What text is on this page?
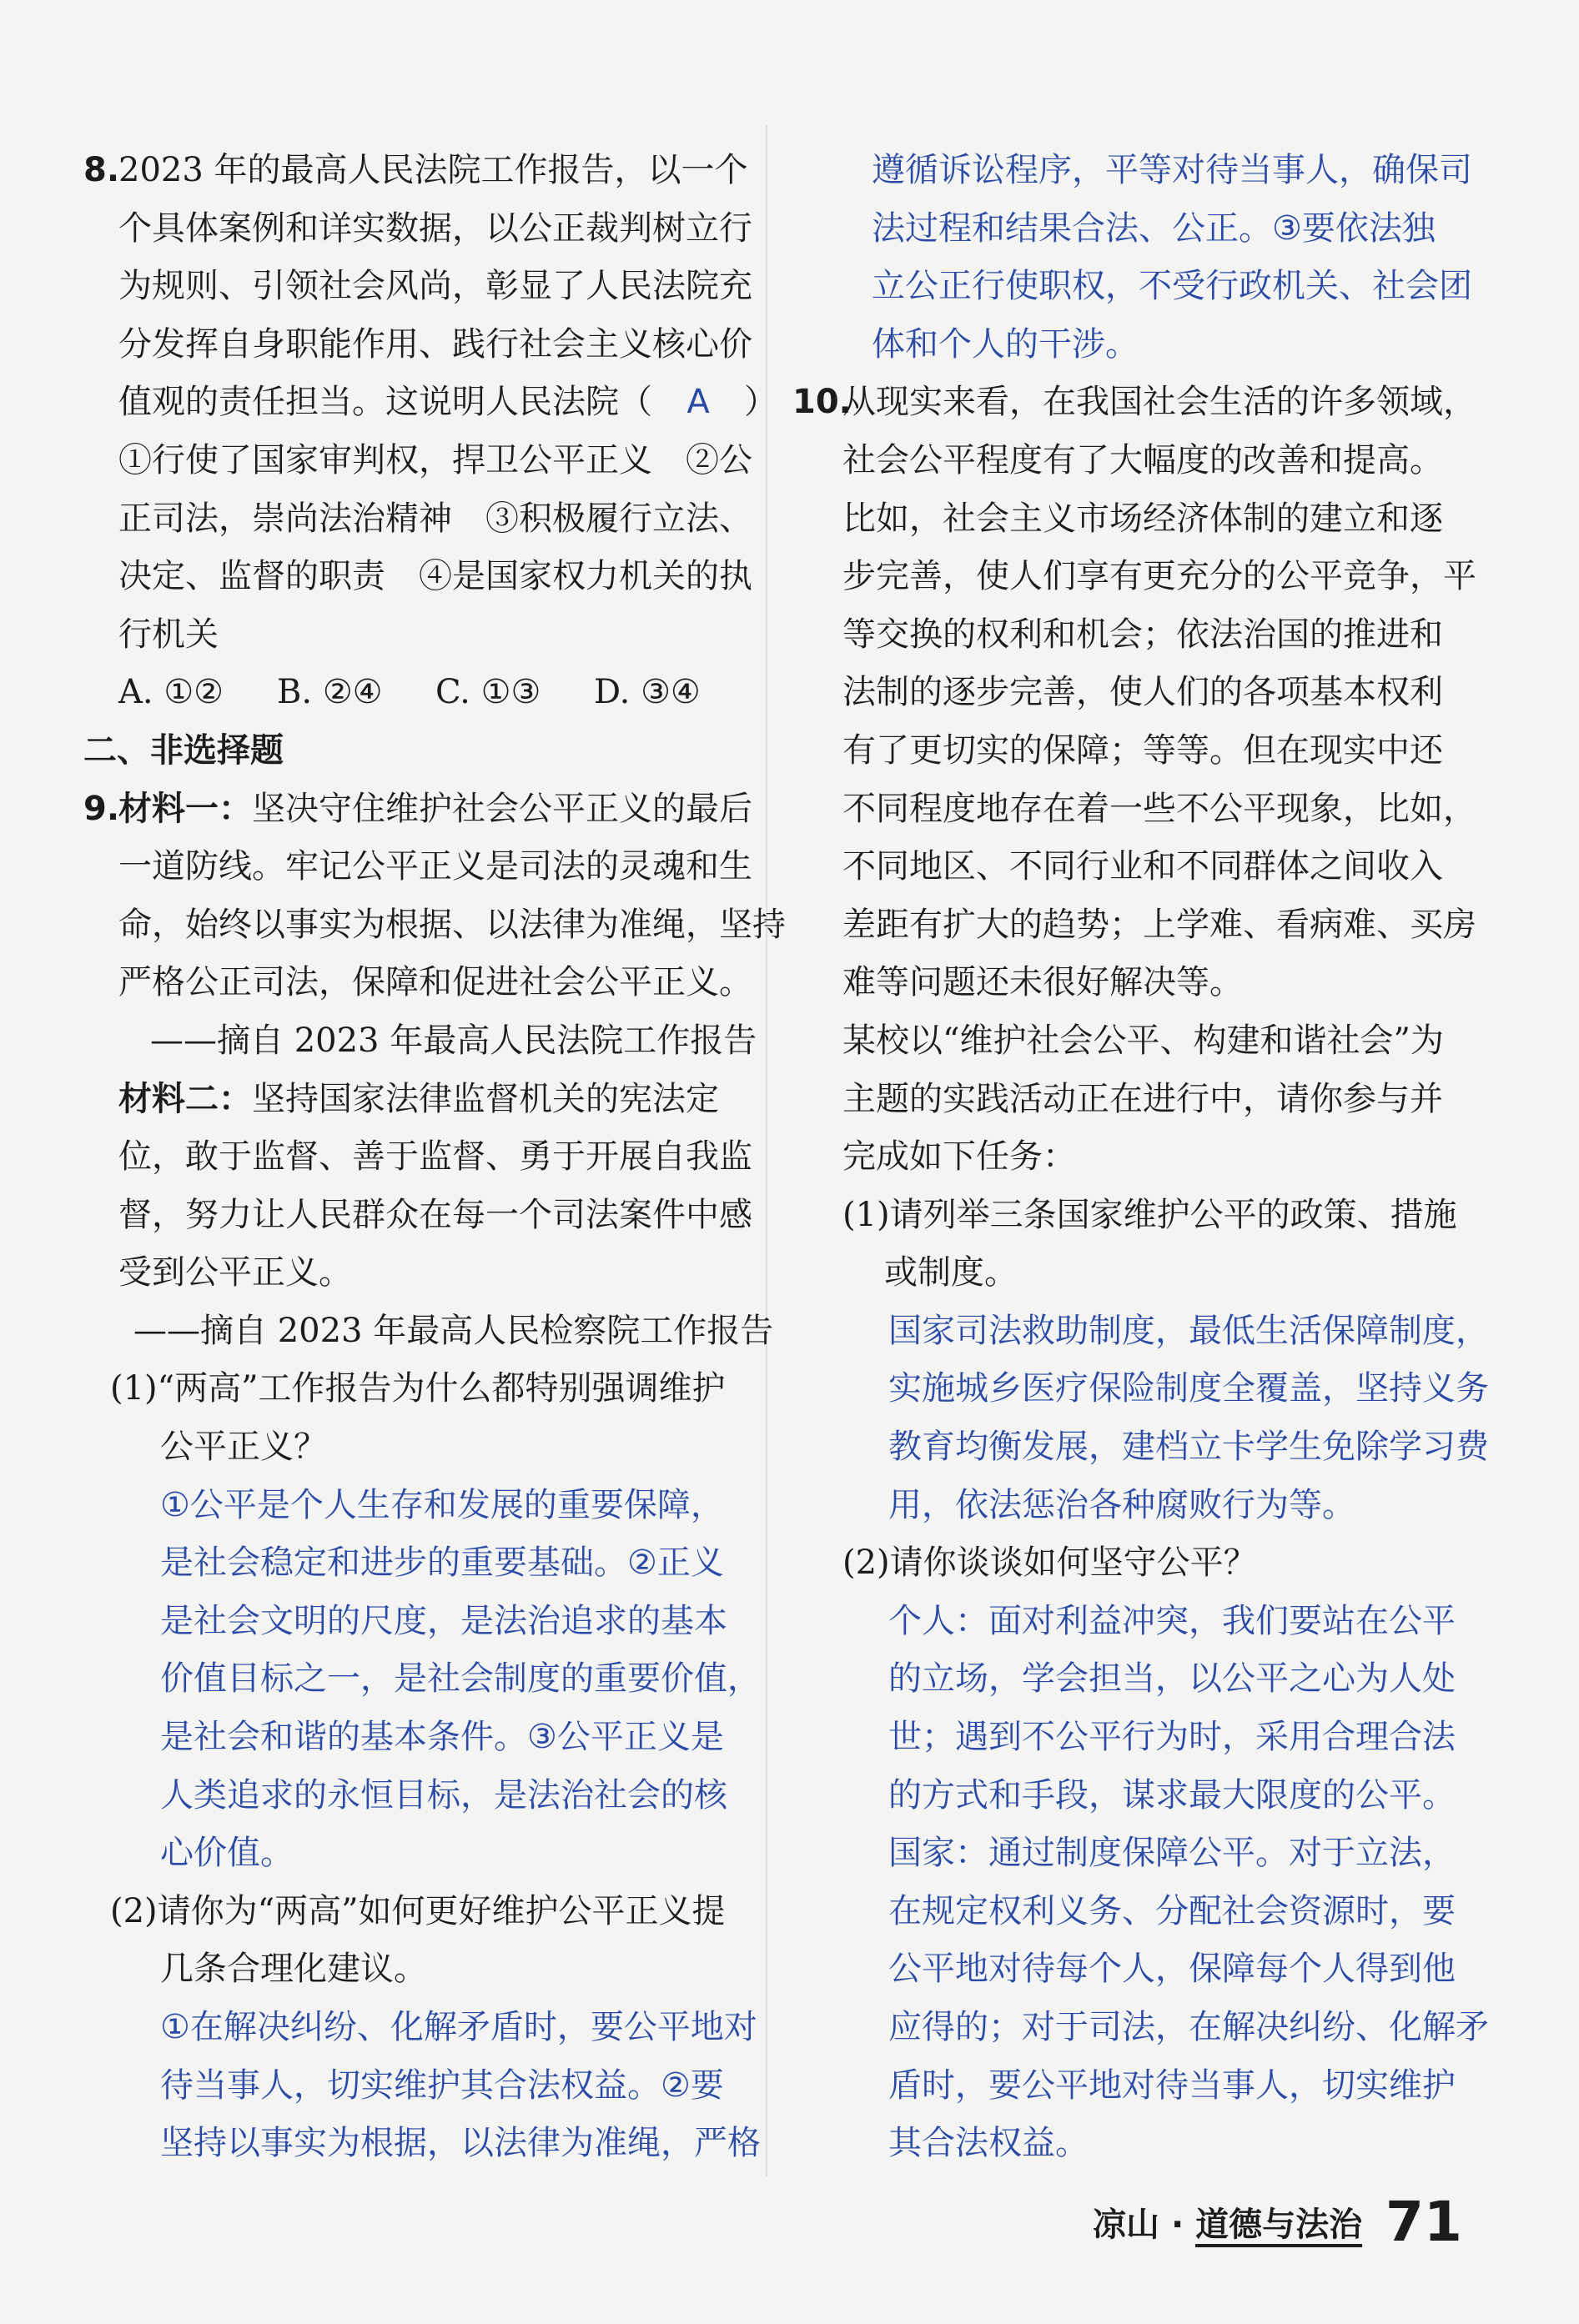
8.
2023 年的最高人民法院工作报告，以一个
个具体案例和详实数据，以公正裁判树立行
为规则、引领社会风尚，彰显了人民法院充
分发挥自身职能作用、践行社会主义核心价
值观的责任担当。这说明人民法院（ A ）
①行使了国家审判权，捍卫公平正义　②公
正司法，崇尚法治精神　③积极履行立法、
决定、监督的职责　④是国家权力机关的执
行机关
A. ①② B. ②④ C. ①③ D. ③④
二、非选择题
9.
材料一：坚决守住维护社会公平正义的最后
一道防线。牢记公平正义是司法的灵魂和生
命，始终以事实为根据、以法律为准绳，坚持
严格公正司法，保障和促进社会公平正义。
——摘自 2023 年最高人民法院工作报告
材料二：坚持国家法律监督机关的宪法定
位，敢于监督、善于监督、勇于开展自我监
督，努力让人民群众在每一个司法案件中感
受到公平正义。
——摘自 2023 年最高人民检察院工作报告
(1)“两高”工作报告为什么都特别强调维护
公平正义？
①公平是个人生存和发展的重要保障，
是社会稳定和进步的重要基础。②正义
是社会文明的尺度，是法治追求的基本
价值目标之一，是社会制度的重要价值，
是社会和谐的基本条件。③公平正义是
人类追求的永恒目标，是法治社会的核
心价值。
(2)请你为“两高”如何更好维护公平正义提
几条合理化建议。
①在解决纠纷、化解矛盾时，要公平地对
待当事人，切实维护其合法权益。②要
坚持以事实为根据，以法律为准绳，严格
遵循诉讼程序，平等对待当事人，确保司
法过程和结果合法、公正。③要依法独
立公正行使职权，不受行政机关、社会团
体和个人的干涉。
10.
从现实来看，在我国社会生活的许多领域，
社会公平程度有了大幅度的改善和提高。
比如，社会主义市场经济体制的建立和逐
步完善，使人们享有更充分的公平竞争，平
等交换的权利和机会；依法治国的推进和
法制的逐步完善，使人们的各项基本权利
有了更切实的保障；等等。但在现实中还
不同程度地存在着一些不公平现象，比如，
不同地区、不同行业和不同群体之间收入
差距有扩大的趋势；上学难、看病难、买房
难等问题还未很好解决等。
某校以“维护社会公平、构建和谐社会”为
主题的实践活动正在进行中，请你参与并
完成如下任务：
(1)请列举三条国家维护公平的政策、措施
或制度。
国家司法救助制度，最低生活保障制度，
实施城乡医疗保险制度全覆盖，坚持义务
教育均衡发展，建档立卡学生免除学习费
用，依法惩治各种腐败行为等。
(2)请你谈谈如何坚守公平？
个人：面对利益冲突，我们要站在公平
的立场，学会担当，以公平之心为人处
世；遇到不公平行为时，采用合理合法
的方式和手段，谋求最大限度的公平。
国家：通过制度保障公平。对于立法，
在规定权利义务、分配社会资源时，要
公平地对待每个人，保障每个人得到他
应得的；对于司法，在解决纠纷、化解矛
盾时，要公平地对待当事人，切实维护
其合法权益。
凉山 · 道德与法治 71
